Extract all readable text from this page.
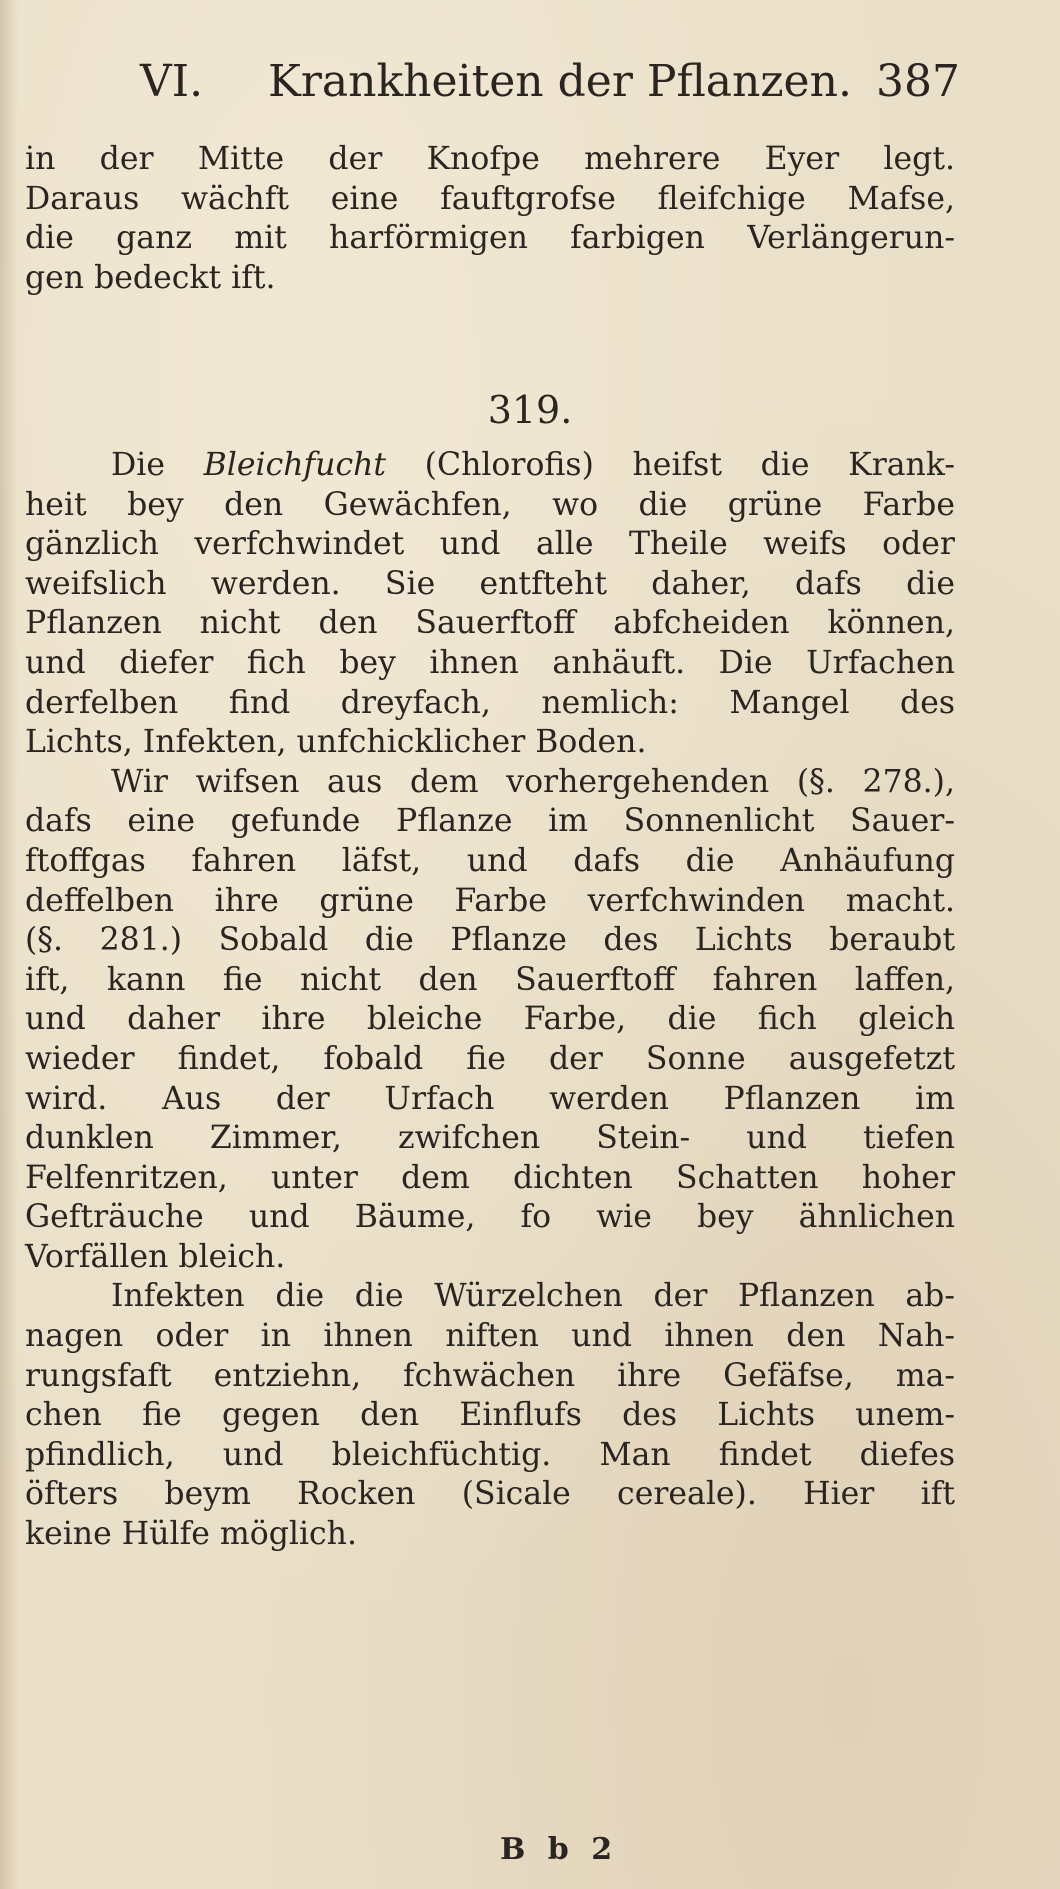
VI. Krankheiten der Pflanzen. 387
in der Mitte der Knofpe mehrere Eyer legt.
Daraus wächft eine fauftgrofse fleifchige Mafse,
die ganz mit harförmigen farbigen Verlängerun-
gen bedeckt ift.
319.
Die Bleichfucht (Chlorofis) heifst die Krank-
heit bey den Gewächfen, wo die grüne Farbe
gänzlich verfchwindet und alle Theile weifs oder
weifslich werden. Sie entfteht daher, dafs die
Pflanzen nicht den Sauerftoff abfcheiden können,
und diefer fich bey ihnen anhäuft. Die Urfachen
derfelben find dreyfach, nemlich: Mangel des
Lichts, Infekten, unfchicklicher Boden.
Wir wifsen aus dem vorhergehenden (§. 278.),
dafs eine gefunde Pflanze im Sonnenlicht Sauer-
ftoffgas fahren läfst, und dafs die Anhäufung
deffelben ihre grüne Farbe verfchwinden macht.
(§. 281.) Sobald die Pflanze des Lichts beraubt
ift, kann fie nicht den Sauerftoff fahren laffen,
und daher ihre bleiche Farbe, die fich gleich
wieder findet, fobald fie der Sonne ausgefetzt
wird. Aus der Urfach werden Pflanzen im
dunklen Zimmer, zwifchen Stein- und tiefen
Felfenritzen, unter dem dichten Schatten hoher
Gefträuche und Bäume, fo wie bey ähnlichen
Vorfällen bleich.
Infekten die die Würzelchen der Pflanzen ab-
nagen oder in ihnen niften und ihnen den Nah-
rungsfaft entziehn, fchwächen ihre Gefäfse, ma-
chen fie gegen den Einflufs des Lichts unem-
pfindlich, und bleichfüchtig. Man findet diefes
öfters beym Rocken (Sicale cereale). Hier ift
keine Hülfe möglich.
B b 2
